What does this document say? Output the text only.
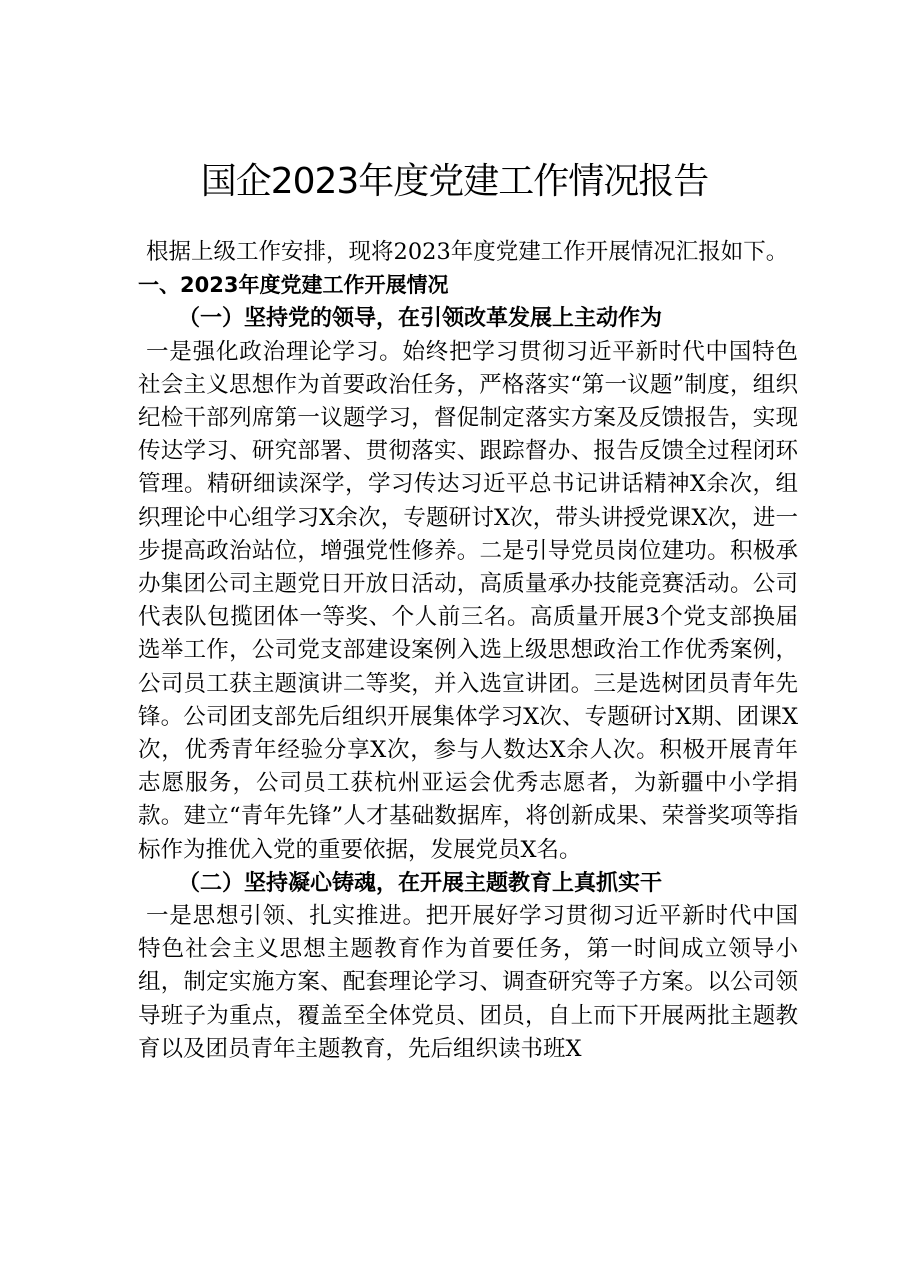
国企2023年度党建工作情况报告

根据上级工作安排，现将2023年度党建工作开展情况汇报如下。

一、2023年度党建工作开展情况

（一）坚持党的领导，在引领改革发展上主动作为

一是强化政治理论学习。始终把学习贯彻习近平新时代中国特色社会主义思想作为首要政治任务，严格落实“第一议题”制度，组织纪检干部列席第一议题学习，督促制定落实方案及反馈报告，实现传达学习、研究部署、贯彻落实、跟踪督办、报告反馈全过程闭环管理。精研细读深学，学习传达习近平总书记讲话精神X余次，组织理论中心组学习X余次，专题研讨X次，带头讲授党课X次，进一步提高政治站位，增强党性修养。二是引导党员岗位建功。积极承办集团公司主题党日开放日活动，高质量承办技能竞赛活动。公司代表队包揽团体一等奖、个人前三名。高质量开展3个党支部换届选举工作，公司党支部建设案例入选上级思想政治工作优秀案例，公司员工获主题演讲二等奖，并入选宣讲团。三是选树团员青年先锋。公司团支部先后组织开展集体学习X次、专题研讨X期、团课X次，优秀青年经验分享X次，参与人数达X余人次。积极开展青年志愿服务，公司员工获杭州亚运会优秀志愿者，为新疆中小学捐款。建立“青年先锋”人才基础数据库，将创新成果、荣誉奖项等指标作为推优入党的重要依据，发展党员X名。

（二）坚持凝心铸魂，在开展主题教育上真抓实干

一是思想引领、扎实推进。把开展好学习贯彻习近平新时代中国特色社会主义思想主题教育作为首要任务，第一时间成立领导小组，制定实施方案、配套理论学习、调查研究等子方案。以公司领导班子为重点，覆盖至全体党员、团员，自上而下开展两批主题教育以及团员青年主题教育，先后组织读书班X
